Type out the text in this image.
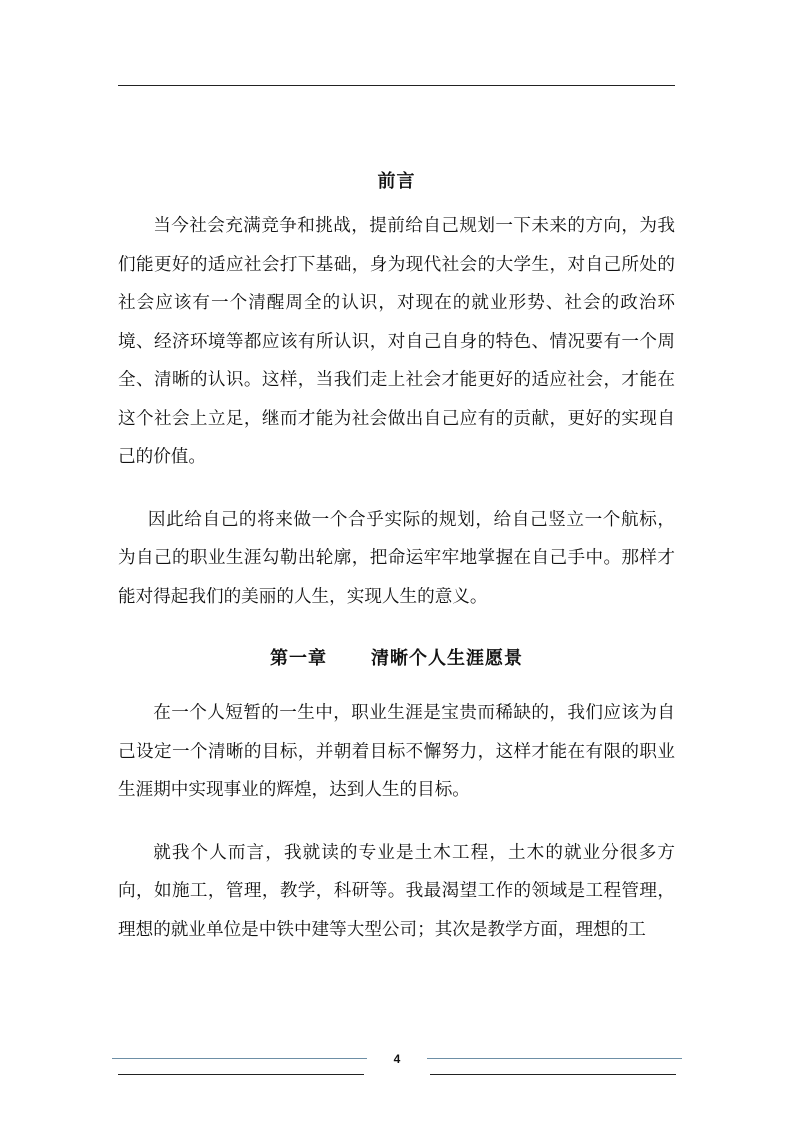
前言

当今社会充满竞争和挑战，提前给自己规划一下未来的方向，为我们能更好的适应社会打下基础，身为现代社会的大学生，对自己所处的社会应该有一个清醒周全的认识，对现在的就业形势、社会的政治环境、经济环境等都应该有所认识，对自己自身的特色、情况要有一个周全、清晰的认识。这样，当我们走上社会才能更好的适应社会，才能在这个社会上立足，继而才能为社会做出自己应有的贡献，更好的实现自己的价值。

因此给自己的将来做一个合乎实际的规划，给自己竖立一个航标，为自己的职业生涯勾勒出轮廓，把命运牢牢地掌握在自己手中。那样才能对得起我们的美丽的人生，实现人生的意义。

第一章 清晰个人生涯愿景

在一个人短暂的一生中，职业生涯是宝贵而稀缺的，我们应该为自己设定一个清晰的目标，并朝着目标不懈努力，这样才能在有限的职业生涯期中实现事业的辉煌，达到人生的目标。

就我个人而言，我就读的专业是土木工程，土木的就业分很多方向，如施工，管理，教学，科研等。我最渴望工作的领域是工程管理，理想的就业单位是中铁中建等大型公司；其次是教学方面，理想的工

4
